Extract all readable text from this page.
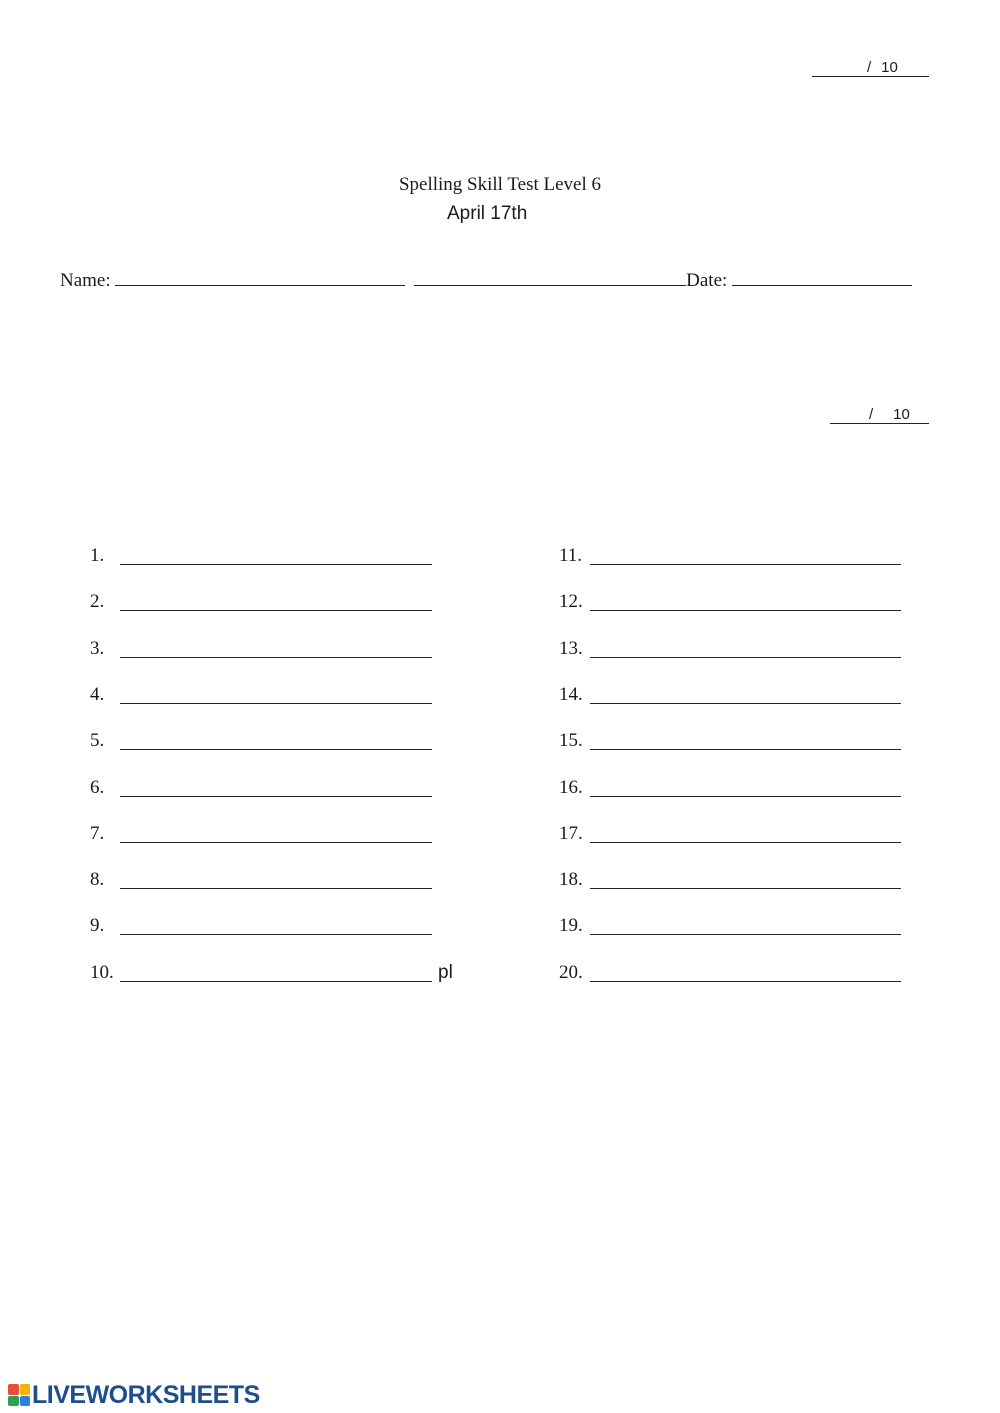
/ 10
Spelling Skill Test Level 6
April 17th
Name:	Date:
/ 10
1.
2.
3.
4.
5.
6.
7.
8.
9.
10.	pl
11.
12.
13.
14.
15.
16.
17.
18.
19.
20.
LIVEWORKSHEETS
